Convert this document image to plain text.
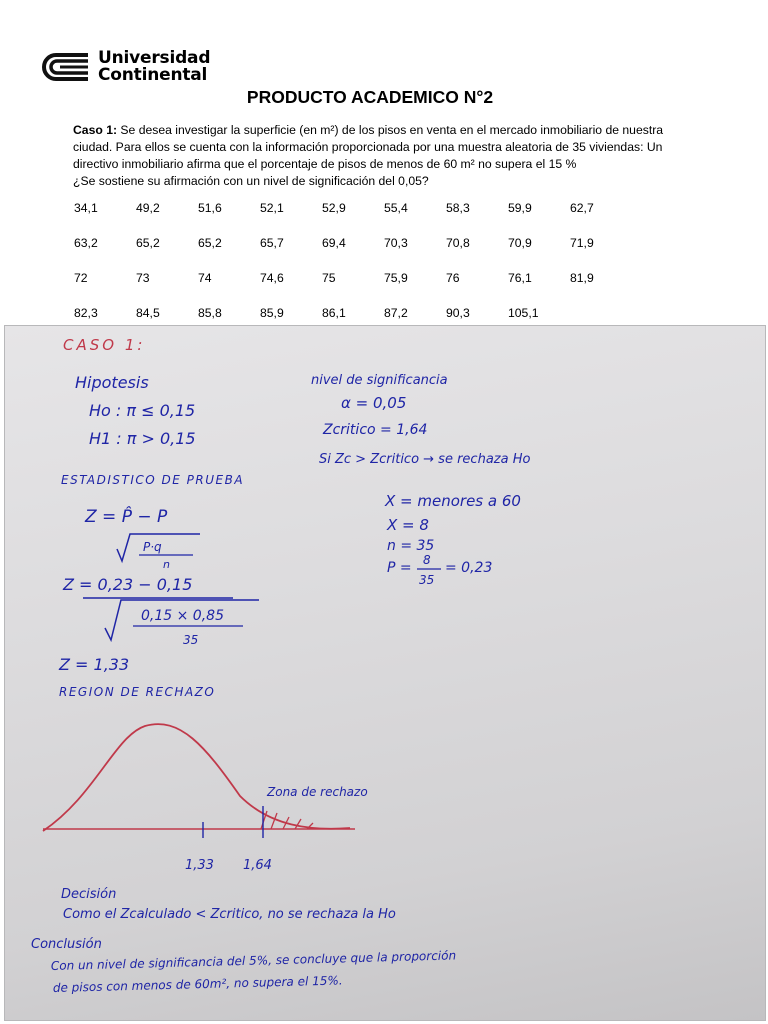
Universidad
Continental
PRODUCTO ACADEMICO N°2
Caso 1: Se desea investigar la superficie (en m²) de los pisos en venta en el mercado inmobiliario de nuestra
ciudad. Para ellos se cuenta con la información proporcionada por una muestra aleatoria de 35 viviendas: Un
directivo inmobiliario afirma que el porcentaje de pisos de menos de 60 m² no supera el 15 %
¿Se sostiene su afirmación con un nivel de significación del 0,05?
34,1	49,2	51,6	52,1	52,9	55,4	58,3	59,9	62,7
63,2	65,2	65,2	65,7	69,4	70,3	70,8	70,9	71,9
72	73	74	74,6	75	75,9	76	76,1	81,9
82,3	84,5	85,8	85,9	86,1	87,2	90,3	105,1	
CASO 1:
Hipotesis
Ho : π ≤ 0,15
H1 : π > 0,15
nivel de significancia
α = 0,05
Zcritico = 1,64
Si Zc > Zcritico → se rechaza Ho
ESTADISTICO DE PRUEBA
Z = P̂ − P
P·q
n
X = menores a 60
X = 8
n = 35
P = 8
35
= 0,23
Z = 0,23 − 0,15
0,15 × 0,85
35
Z = 1,33
REGION DE RECHAZO
Zona de rechazo
1,33 1,64
Decisión
Como el Zcalculado < Zcritico, no se rechaza la Ho
Conclusión
Con un nivel de significancia del 5%, se concluye que la proporción
de pisos con menos de 60m², no supera el 15%.
